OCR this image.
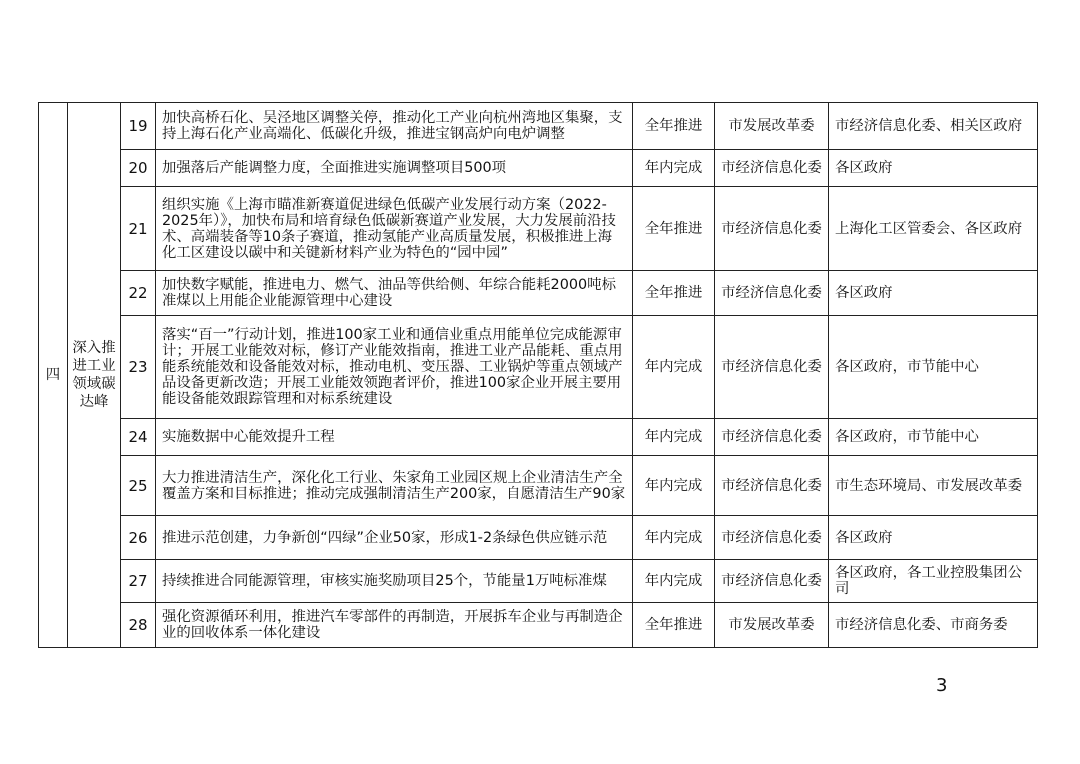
四	深入推进工业领域碳达峰	19	加快高桥石化、吴泾地区调整关停，推动化工产业向杭州湾地区集聚，支持上海石化产业高端化、低碳化升级，推进宝钢高炉向电炉调整	全年推进	市发展改革委	市经济信息化委、相关区政府
		20	加强落后产能调整力度，全面推进实施调整项目500项	年内完成	市经济信息化委	各区政府
		21	组织实施《上海市瞄准新赛道促进绿色低碳产业发展行动方案（2022-2025年）》，加快布局和培育绿色低碳新赛道产业发展，大力发展前沿技术、高端装备等10条子赛道，推动氢能产业高质量发展，积极推进上海化工区建设以碳中和关键新材料产业为特色的“园中园”	全年推进	市经济信息化委	上海化工区管委会、各区政府
		22	加快数字赋能，推进电力、燃气、油品等供给侧、年综合能耗2000吨标准煤以上用能企业能源管理中心建设	全年推进	市经济信息化委	各区政府
		23	落实“百一”行动计划，推进100家工业和通信业重点用能单位完成能源审计；开展工业能效对标，修订产业能效指南，推进工业产品能耗、重点用能系统能效和设备能效对标，推动电机、变压器、工业锅炉等重点领域产品设备更新改造；开展工业能效领跑者评价，推进100家企业开展主要用能设备能效跟踪管理和对标系统建设	年内完成	市经济信息化委	各区政府，市节能中心
		24	实施数据中心能效提升工程	年内完成	市经济信息化委	各区政府，市节能中心
		25	大力推进清洁生产，深化化工行业、朱家角工业园区规上企业清洁生产全覆盖方案和目标推进；推动完成强制清洁生产200家，自愿清洁生产90家	年内完成	市经济信息化委	市生态环境局、市发展改革委
		26	推进示范创建，力争新创“四绿”企业50家，形成1-2条绿色供应链示范	年内完成	市经济信息化委	各区政府
		27	持续推进合同能源管理，审核实施奖励项目25个，节能量1万吨标准煤	年内完成	市经济信息化委	各区政府，各工业控股集团公司
		28	强化资源循环利用，推进汽车零部件的再制造，开展拆车企业与再制造企业的回收体系一体化建设	全年推进	市发展改革委	市经济信息化委、市商务委
3
